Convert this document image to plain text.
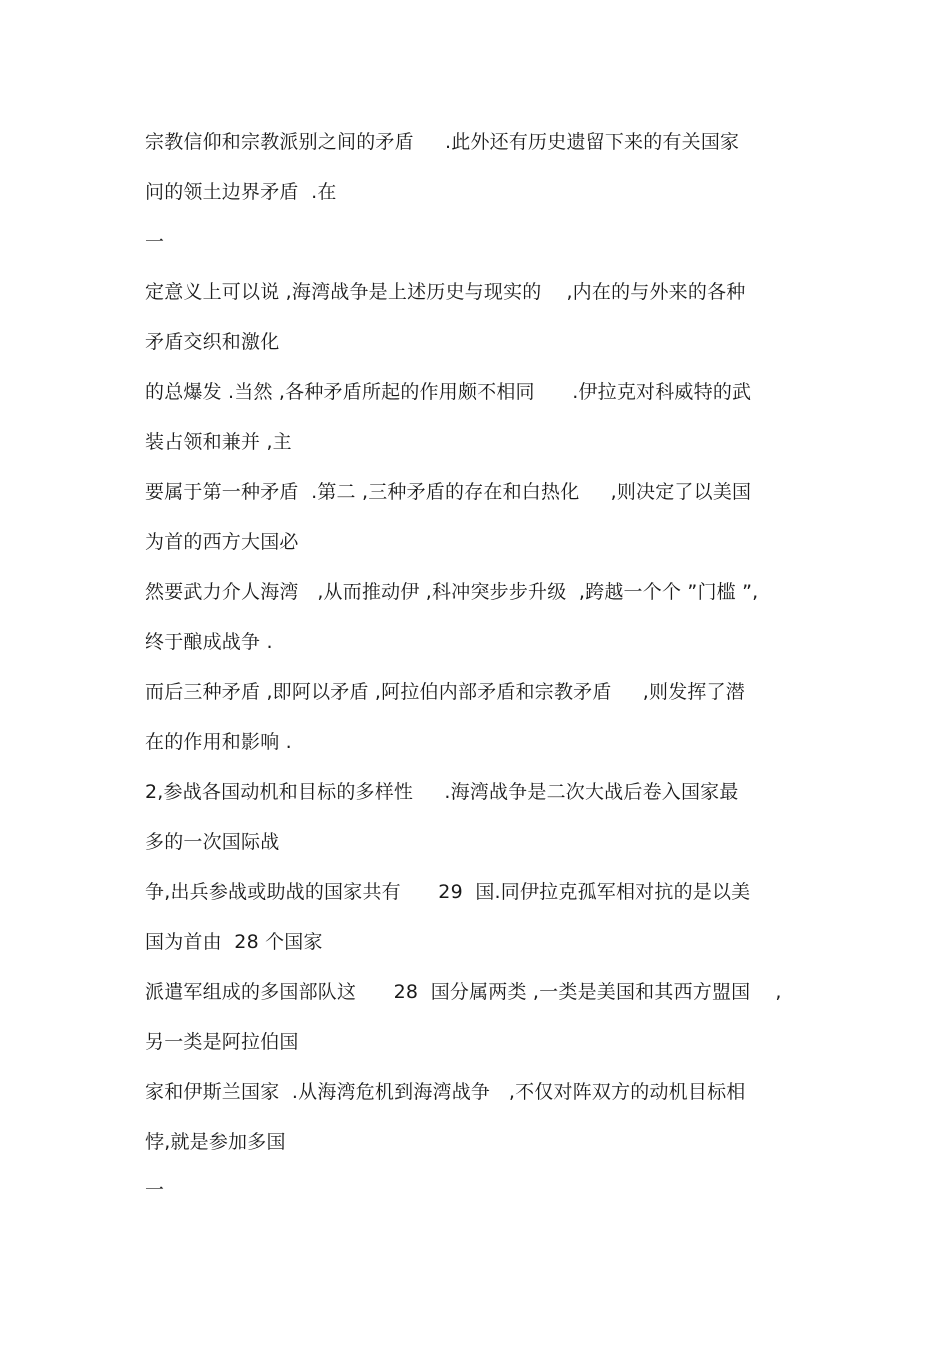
宗教信仰和宗教派别之间的矛盾     .此外还有历史遗留下来的有关国家
问的领土边界矛盾  .在
一
定意义上可以说 ,海湾战争是上述历史与现实的    ,内在的与外来的各种
矛盾交织和激化
的总爆发 .当然 ,各种矛盾所起的作用颇不相同      .伊拉克对科威特的武
装占领和兼并 ,主
要属于第一种矛盾  .第二 ,三种矛盾的存在和白热化     ,则决定了以美国
为首的西方大国必
然要武力介人海湾   ,从而推动伊 ,科冲突步步升级  ,跨越一个个 ”门槛 ”,
终于酿成战争 .
而后三种矛盾 ,即阿以矛盾 ,阿拉伯内部矛盾和宗教矛盾     ,则发挥了潜
在的作用和影响 .
2,参战各国动机和目标的多样性     .海湾战争是二次大战后卷入国家最
多的一次国际战
争,出兵参战或助战的国家共有      29  国.同伊拉克孤军相对抗的是以美
国为首由  28 个国家
派遣军组成的多国部队这      28  国分属两类 ,一类是美国和其西方盟国    ,
另一类是阿拉伯国
家和伊斯兰国家  .从海湾危机到海湾战争   ,不仅对阵双方的动机目标相
悖,就是参加多国
一
